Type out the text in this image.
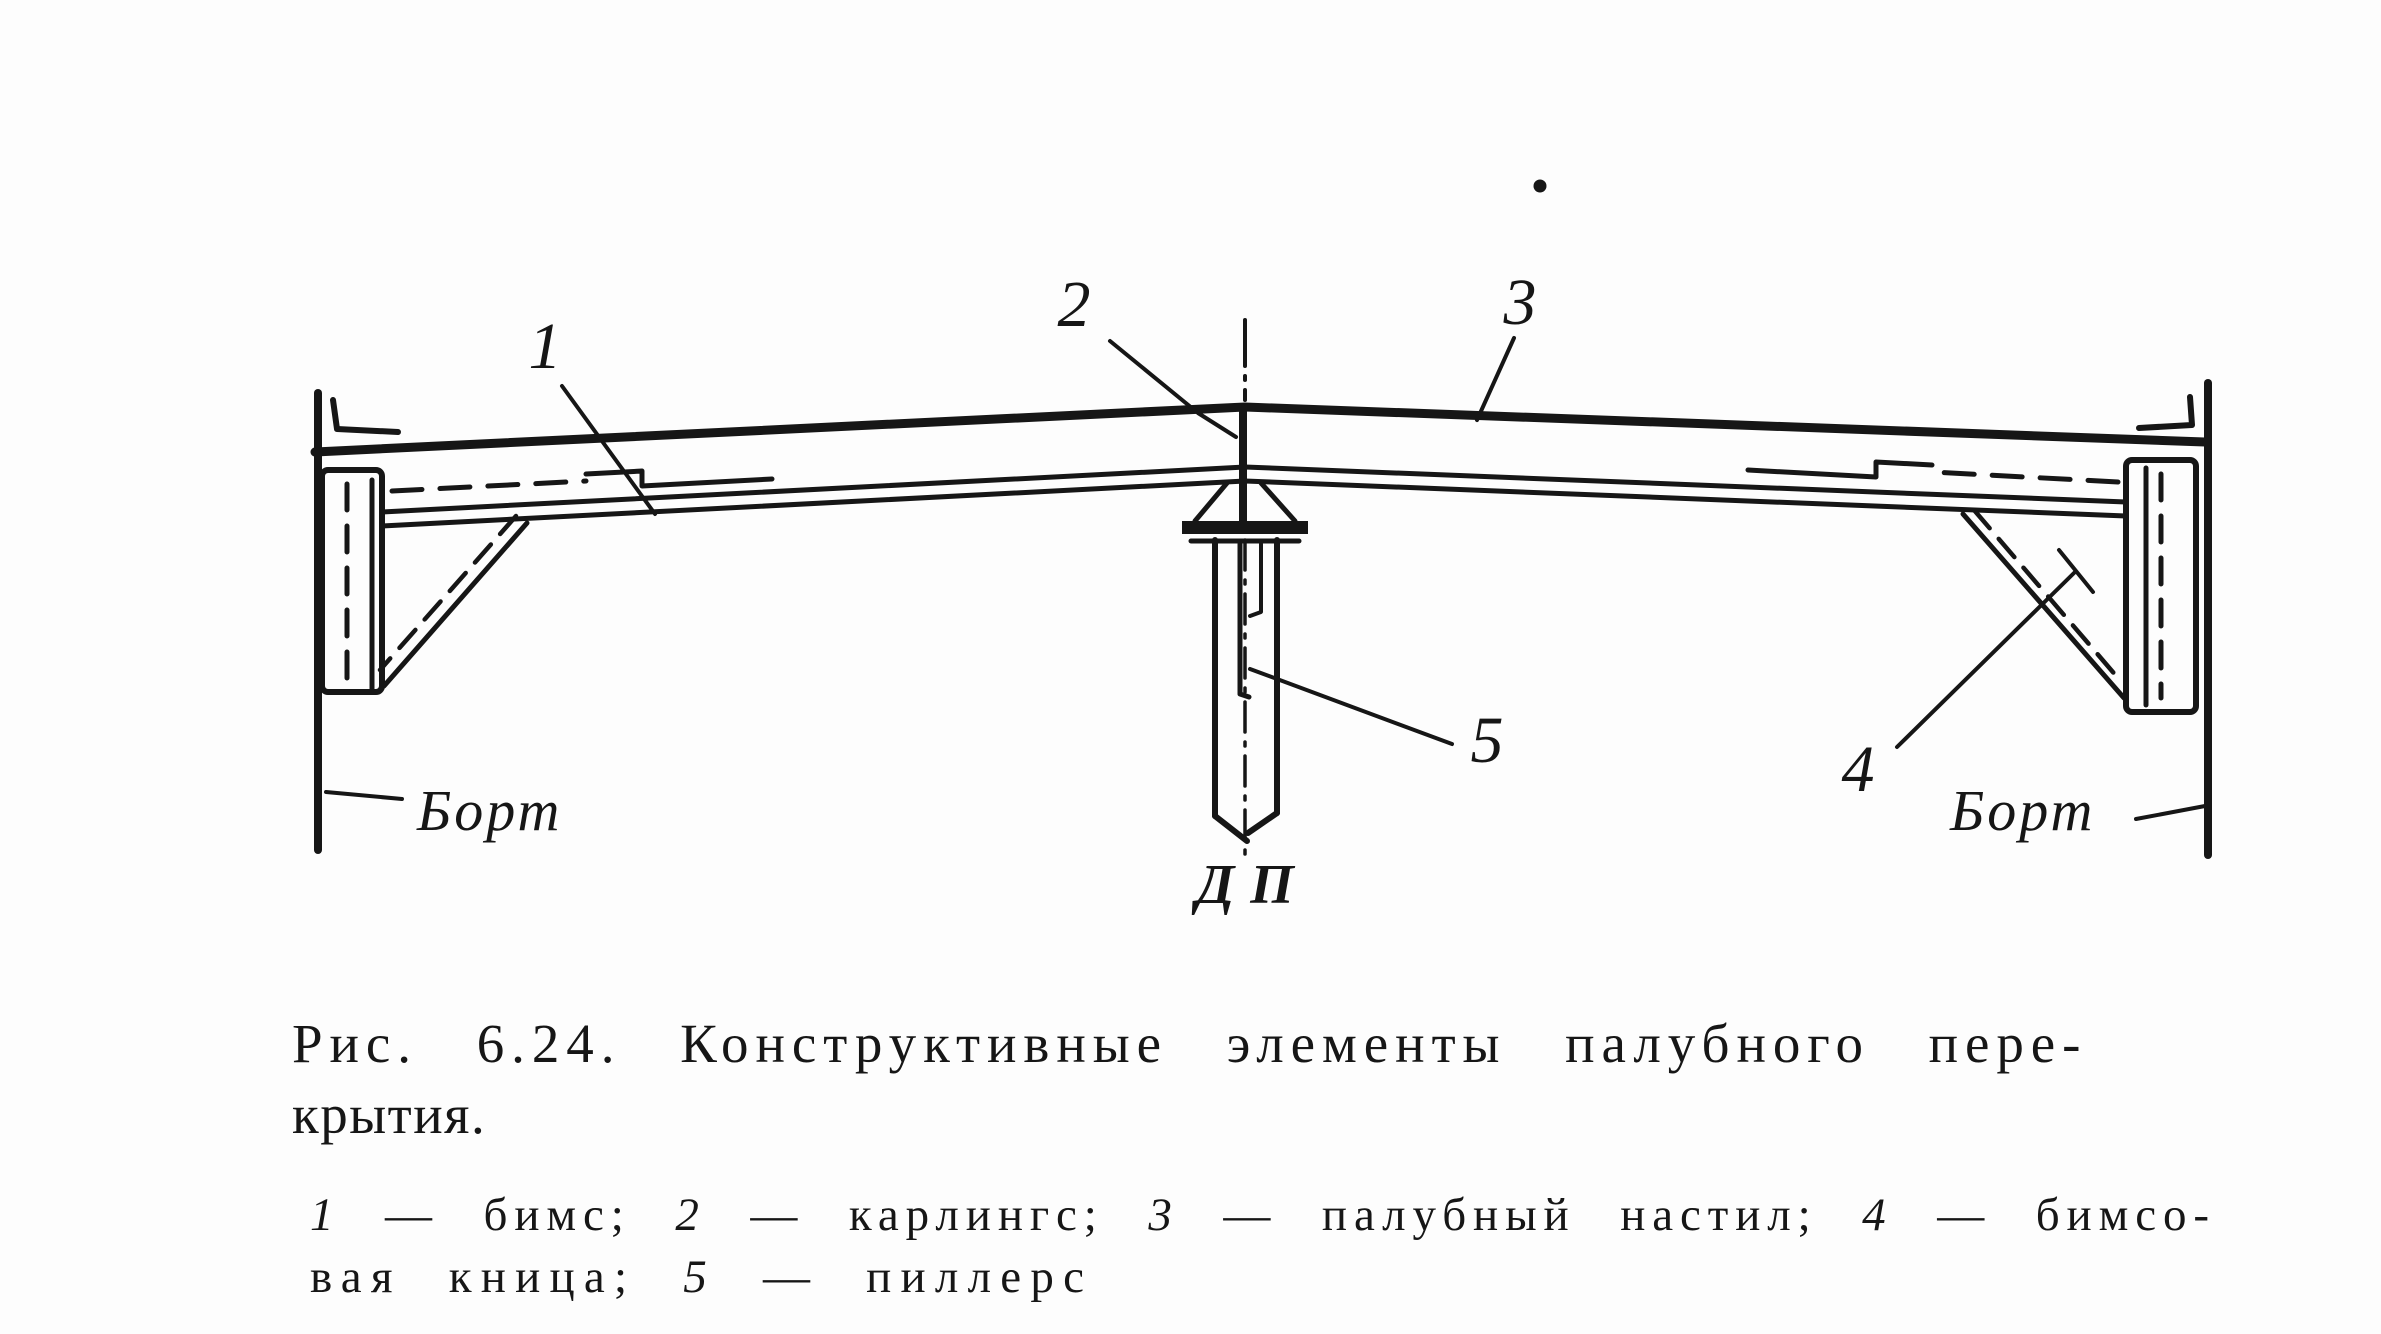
1
2	3
4
5
Борт	Борт
ДП
Рис. 6.24. Конструктивные элементы палубного пере-
крытия.
1 — бимс; 2 — карлингс; 3 — палубный настил; 4 — бимсо-
вая кница; 5 — пиллерс
